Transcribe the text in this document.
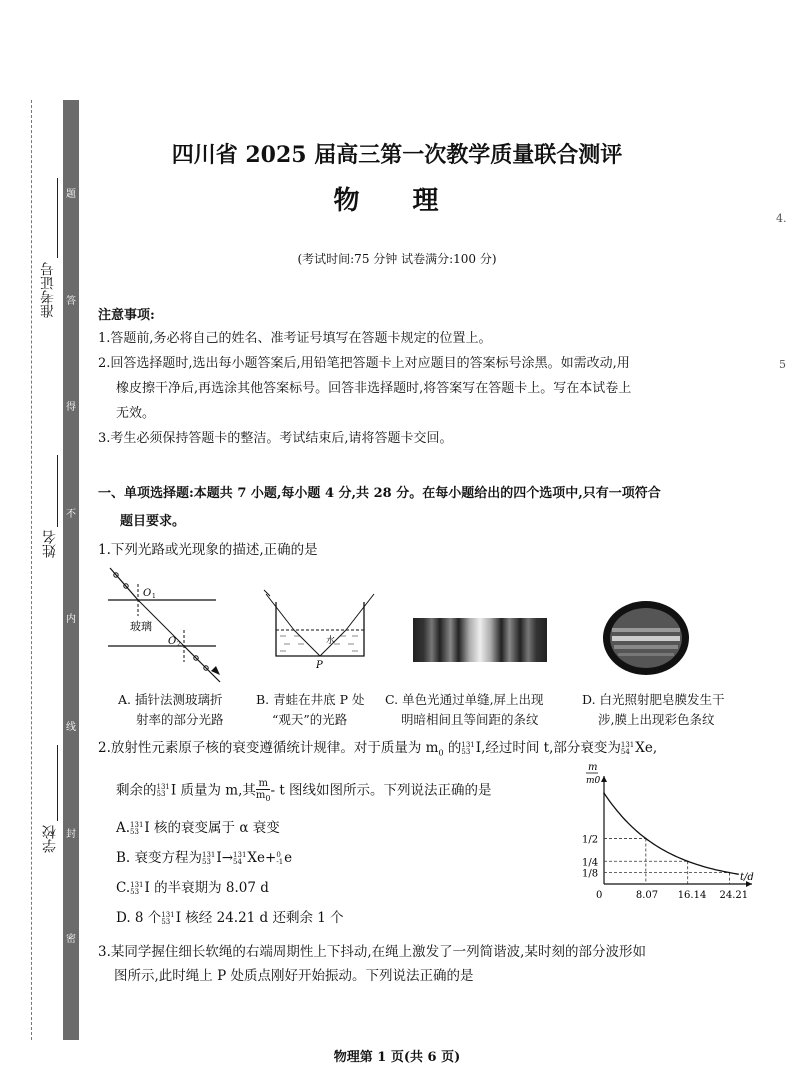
题
答
得
不
内
线
封
密
准考证号
姓名
学校
4.
5
四川省 2025 届高三第一次教学质量联合测评
物 理
(考试时间:75 分钟 试卷满分:100 分)
注意事项:
1.答题前,务必将自己的姓名、准考证号填写在答题卡规定的位置上。
2.回答选择题时,选出每小题答案后,用铅笔把答题卡上对应题目的答案标号涂黑。如需改动,用
橡皮擦干净后,再选涂其他答案标号。回答非选择题时,将答案写在答题卡上。写在本试卷上
无效。
3.考生必须保持答题卡的整洁。考试结束后,请将答题卡交回。
一、单项选择题:本题共 7 小题,每小题 4 分,共 28 分。在每小题给出的四个选项中,只有一项符合
题目要求。
1.下列光路或光现象的描述,正确的是
O 1
玻璃
O 2	水
P
A. 插针法测玻璃折
射率的部分光路
B. 青蛙在井底 P 处
“观天”的光路
C. 单色光通过单缝,屏上出现
明暗相间且等间距的条纹
D. 白光照射肥皂膜发生干
涉,膜上出现彩色条纹
2.放射性元素原子核的衰变遵循统计规律。对于质量为 $m_0$ 的 131
53 I,经过时间 t,部分衰变为 131
54 Xe,
剩余的 131
53 I 质量为 m,其 $\frac{m}{m_0}$ - t 图线如图所示。下列说法正确的是
A. 131
53 I 核的衰变属于 α 衰变
B. 衰变方程为 131
53 I→ 131
54 Xe+ 0
-1 e
C. 131
53 I 的半衰期为 8.07 d
D. 8 个 131
53 I 核经 24.21 d 还剩余 1 个
m
m0
t/d
0	8.07
1/2
16.14
1/4
24.21
1/8
3.某同学握住细长软绳的右端周期性上下抖动,在绳上激发了一列简谐波,某时刻的部分波形如
图所示,此时绳上 P 处质点刚好开始振动。下列说法正确的是
物理第 1 页(共 6 页)
